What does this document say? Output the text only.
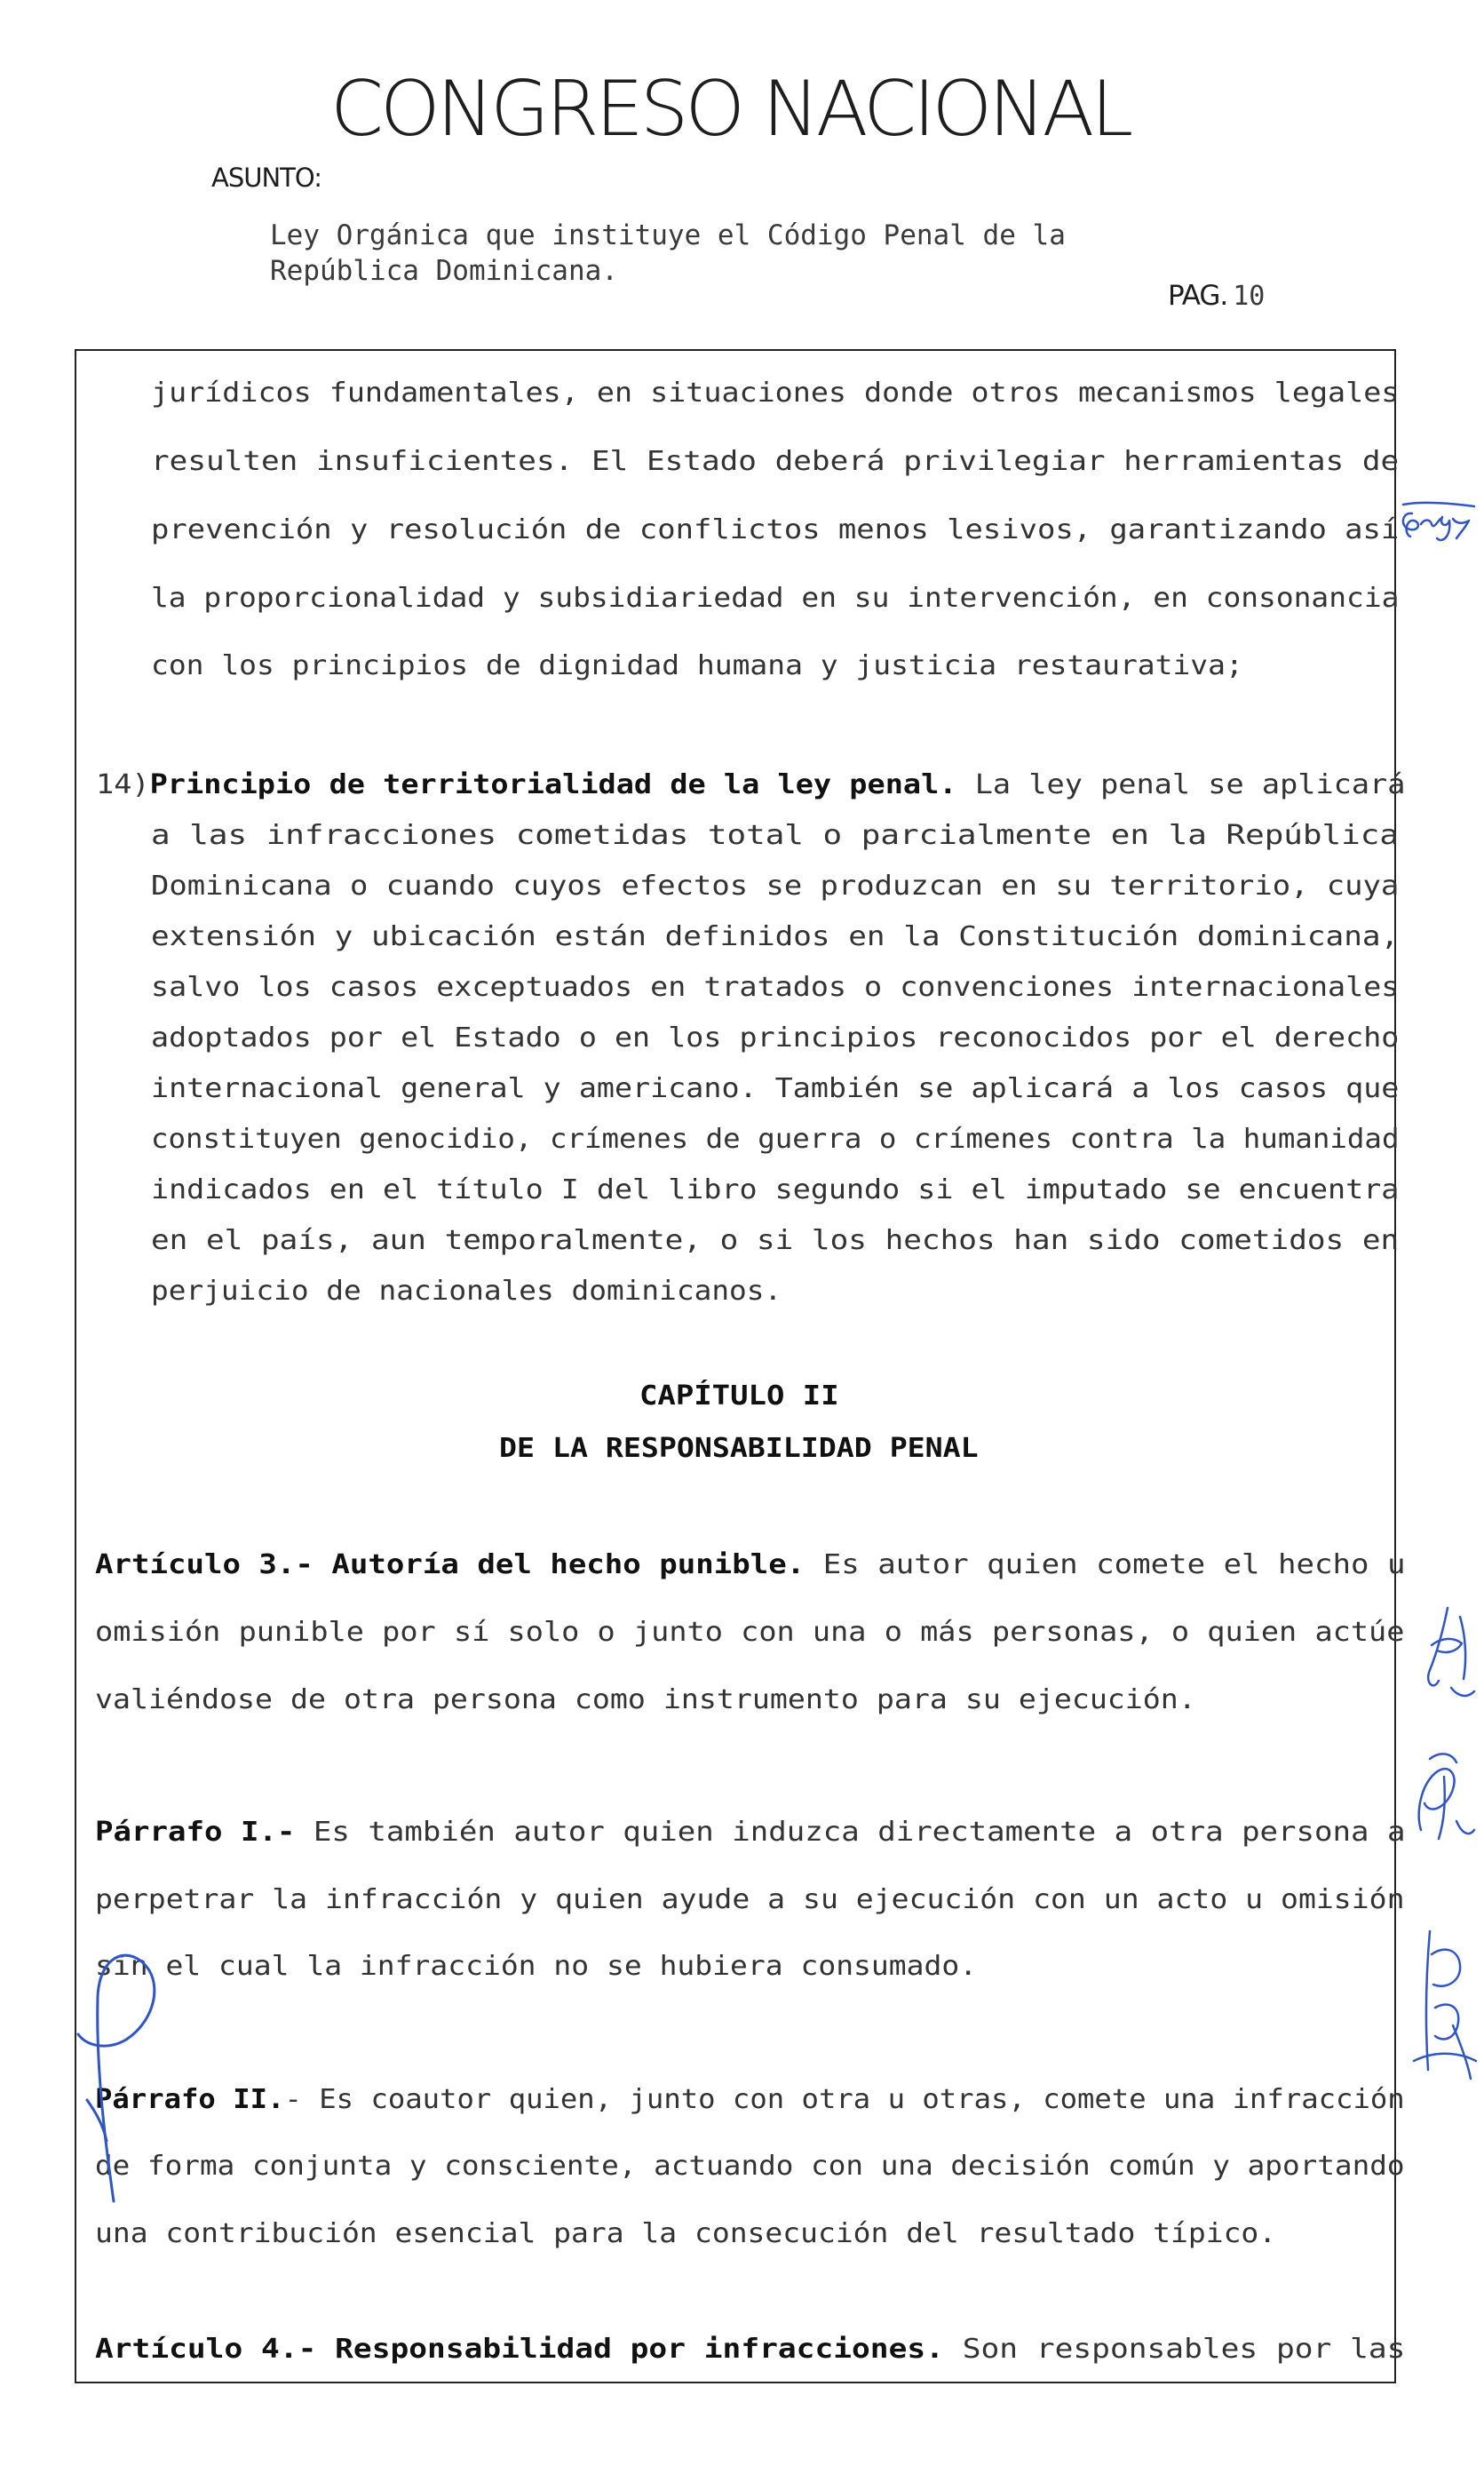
CONGRESO NACIONAL
ASUNTO:
Ley Orgánica que instituye el Código Penal de la
República Dominicana.
PAG. 10
jurídicos fundamentales, en situaciones donde otros mecanismos legales
resulten insuficientes. El Estado deberá privilegiar herramientas de
prevención y resolución de conflictos menos lesivos, garantizando así
la proporcionalidad y subsidiariedad en su intervención, en consonancia
con los principios de dignidad humana y justicia restaurativa;
14)Principio de territorialidad de la ley penal. La ley penal se aplicará
a las infracciones cometidas total o parcialmente en la República
Dominicana o cuando cuyos efectos se produzcan en su territorio, cuya
extensión y ubicación están definidos en la Constitución dominicana,
salvo los casos exceptuados en tratados o convenciones internacionales
adoptados por el Estado o en los principios reconocidos por el derecho
internacional general y americano. También se aplicará a los casos que
constituyen genocidio, crímenes de guerra o crímenes contra la humanidad
indicados en el título I del libro segundo si el imputado se encuentra
en el país, aun temporalmente, o si los hechos han sido cometidos en
perjuicio de nacionales dominicanos.
CAPÍTULO II
DE LA RESPONSABILIDAD PENAL
Artículo 3.- Autoría del hecho punible. Es autor quien comete el hecho u
omisión punible por sí solo o junto con una o más personas, o quien actúe
valiéndose de otra persona como instrumento para su ejecución.
Párrafo I.- Es también autor quien induzca directamente a otra persona a
perpetrar la infracción y quien ayude a su ejecución con un acto u omisión
sin el cual la infracción no se hubiera consumado.
Párrafo II.- Es coautor quien, junto con otra u otras, comete una infracción
de forma conjunta y consciente, actuando con una decisión común y aportando
una contribución esencial para la consecución del resultado típico.
Artículo 4.- Responsabilidad por infracciones. Son responsables por las
